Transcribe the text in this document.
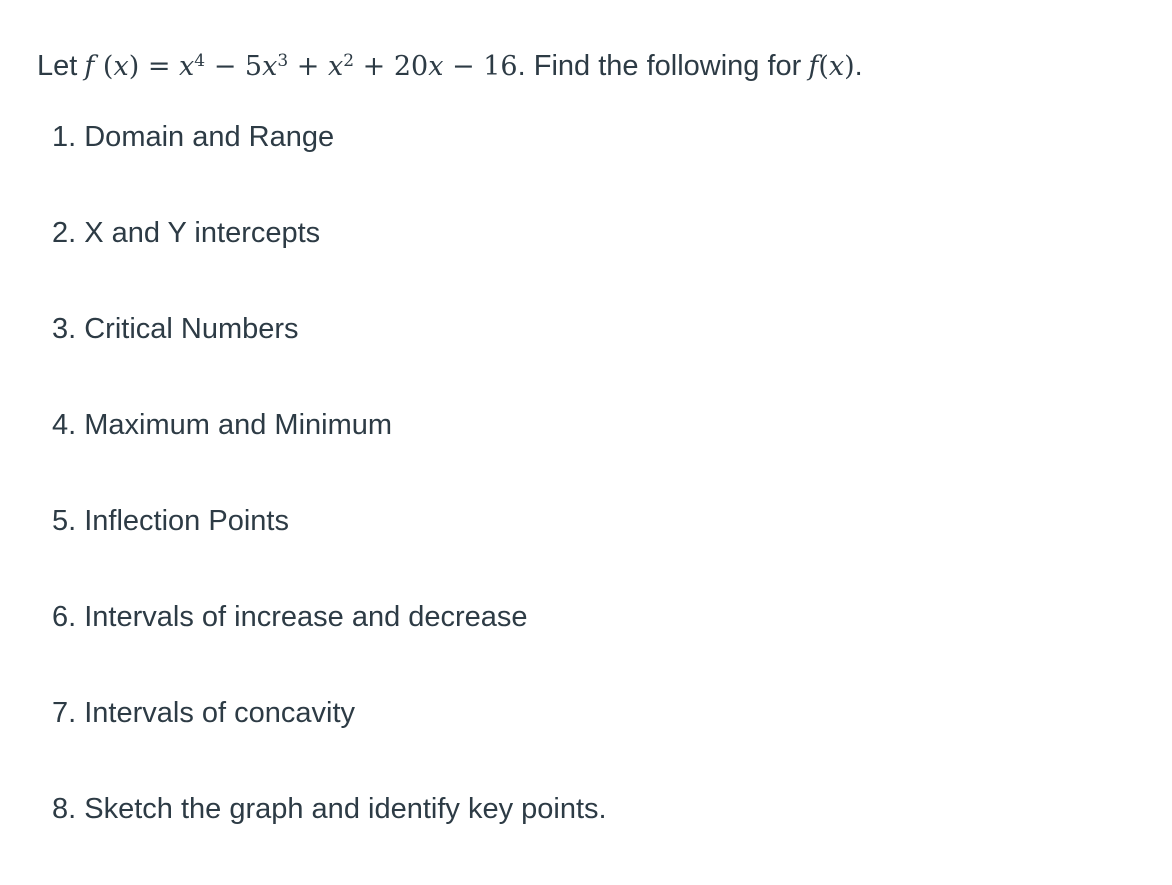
Let f $(x) = x^4 - 5x^3 + x^2 + 20x - 16$. Find the following for f(x).
1. Domain and Range
2. X and Y intercepts
3. Critical Numbers
4. Maximum and Minimum
5. Inflection Points
6. Intervals of increase and decrease
7. Intervals of concavity
8. Sketch the graph and identify key points.
